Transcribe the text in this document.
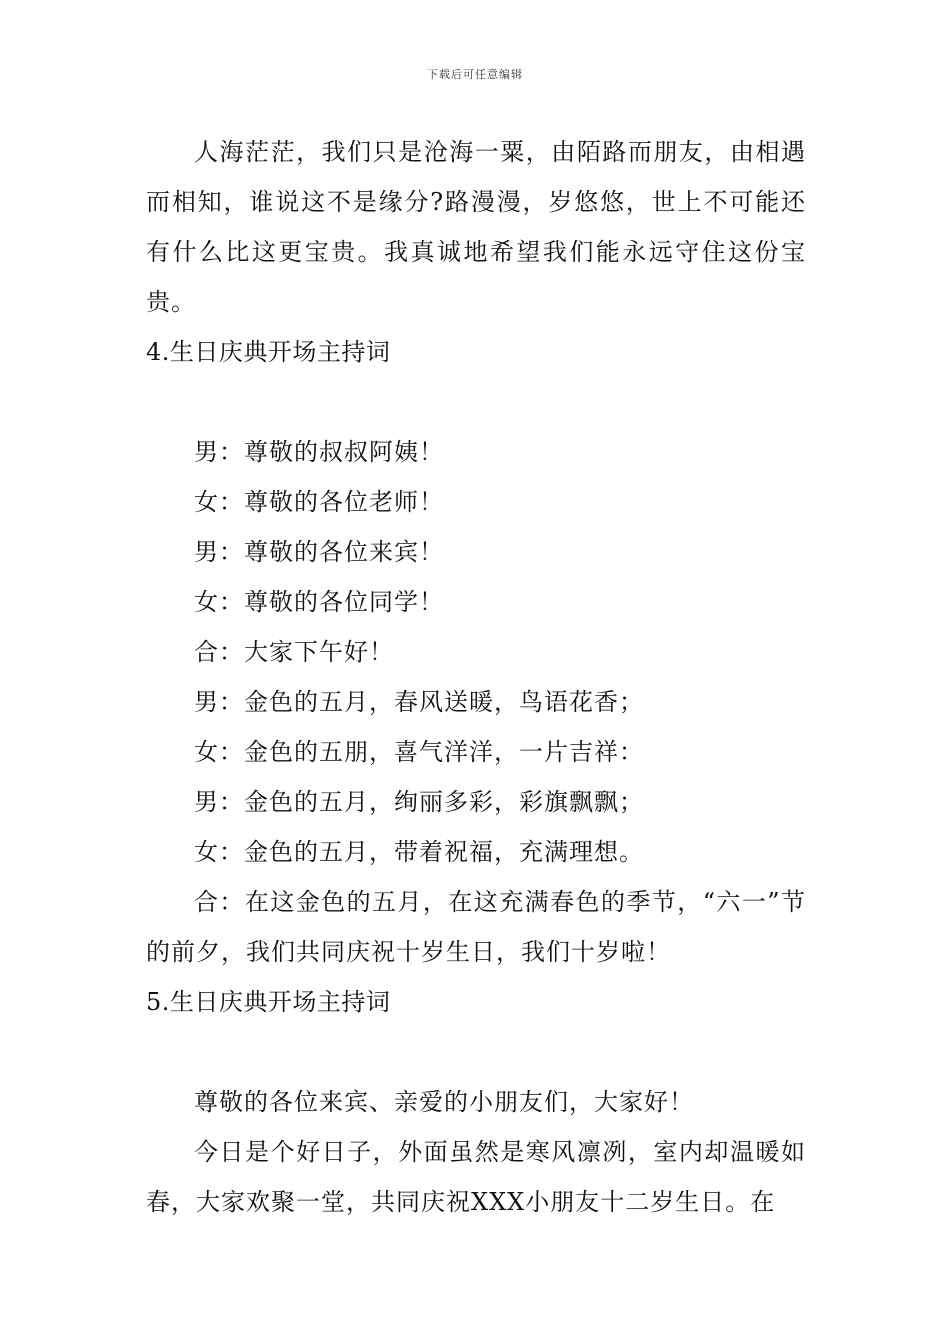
下载后可任意编辑

人海茫茫，我们只是沧海一粟，由陌路而朋友，由相遇而相知，谁说这不是缘分?路漫漫，岁悠悠，世上不可能还有什么比这更宝贵。我真诚地希望我们能永远守住这份宝贵。

4.生日庆典开场主持词

男：尊敬的叔叔阿姨！

女：尊敬的各位老师！

男：尊敬的各位来宾！

女：尊敬的各位同学！

合：大家下午好！

男：金色的五月，春风送暖，鸟语花香；

女：金色的五朋，喜气洋洋，一片吉祥：

男：金色的五月，绚丽多彩，彩旗飘飘；

女：金色的五月，带着祝福，充满理想。

合：在这金色的五月，在这充满春色的季节，“六一”节的前夕，我们共同庆祝十岁生日，我们十岁啦！

5.生日庆典开场主持词

尊敬的各位来宾、亲爱的小朋友们，大家好！

今日是个好日子，外面虽然是寒风凛冽，室内却温暖如春，大家欢聚一堂，共同庆祝XXX小朋友十二岁生日。在
